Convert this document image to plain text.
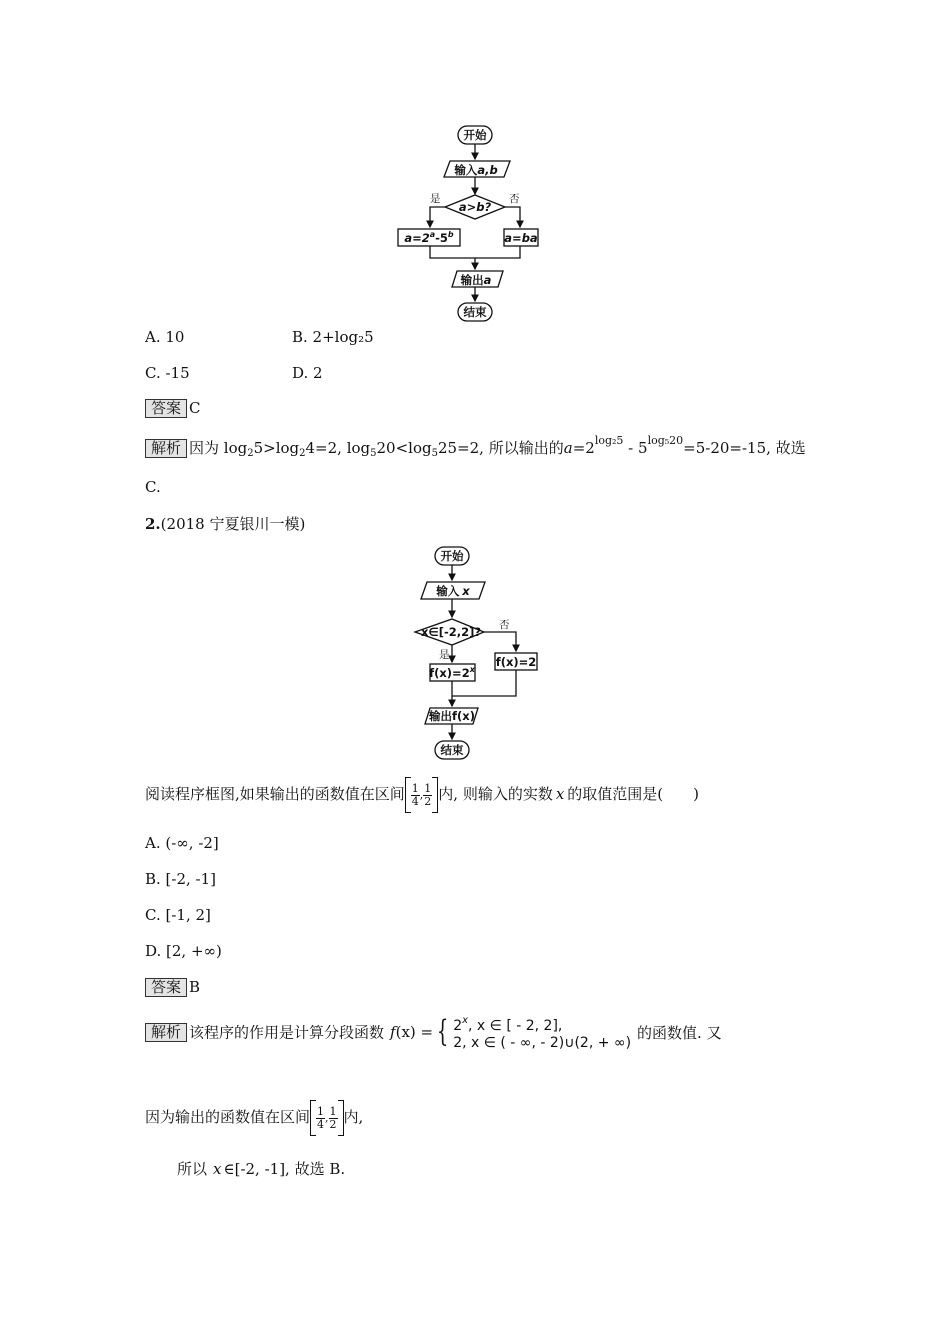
开始
输入a,b
a>b?
是	否
$a=2^a-5^b$	a=ba
输出a
结束
A. 10	B. 2+log₂5
C. -15	D. 2
答案 C
解析 因为 $\log_25>\log_24=2$, $\log_520<\log_525=2$, 所以输出的$a=2^{log_25} - 5^{log_520}=5-20=-15$, 故选
C.
2.(2018 宁夏银川一模)
开始
输入 x
x∈[-2,2]?
是
否
f(x)=2
$f(x)=2^x$
输出f(x)
结束
阅读程序框图,如果输出的函数值在区间 $\frac{1}{4}$ , $\frac{1}{2}$ 内, 则输入的实数 x 的取值范围是( )
A. (-∞, -2]
B. [-2, -1]
C. [-1, 2]
D. [2, +∞)
答案 B
解析 该程序的作用是计算分段函数 f(x) = { 2$^x$, x ∈ [ - 2, 2],
2, x ∈ ( - ∞, - 2)∪(2, + ∞)
的函数值. 又
因为输出的函数值在区间 $\frac{1}{4}$ , $\frac{1}{2}$ 内,
所以 x ∈[-2, -1], 故选 B.
